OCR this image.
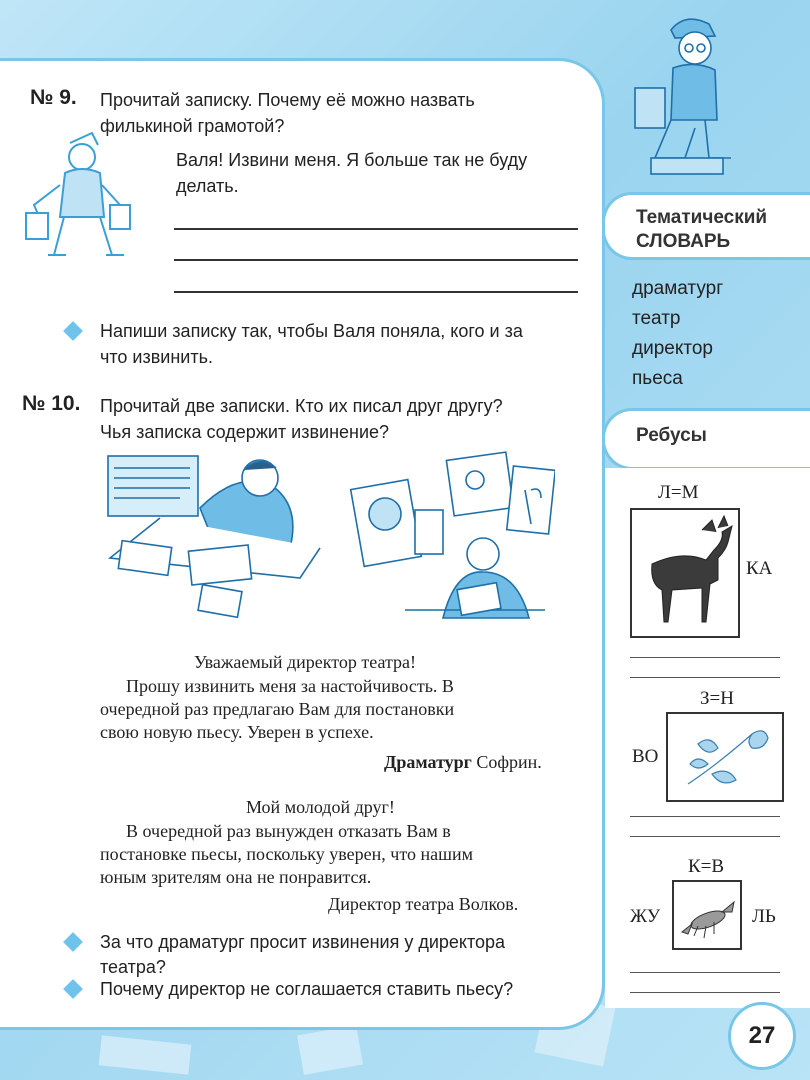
№ 9. Прочитай записку. Почему её можно назвать
филькиной грамотой?
Валя! Извини меня. Я больше так не буду
делать.
Напиши записку так, чтобы Валя поняла, кого и за
что извинить.
№ 10. Прочитай две записки. Кто их писал друг другу?
Чья записка содержит извинение?
Уважаемый директор театра!
Прошу извинить меня за настойчивость. В
очередной раз предлагаю Вам для постановки
свою новую пьесу. Уверен в успехе.
Драматург Софрин.
Мой молодой друг!
В очередной раз вынужден отказать Вам в
постановке пьесы, поскольку уверен, что нашим
юным зрителям она не понравится.
Директор театра Волков.
За что драматург просит извинения у директора
театра?
Почему директор не соглашается ставить пьесу?
Тематический
СЛОВАРЬ
драматург
театр
директор
пьеса
Ребусы
Л=М
КА
З=Н
ВО
К=В
ЖУ	ЛЬ
27
